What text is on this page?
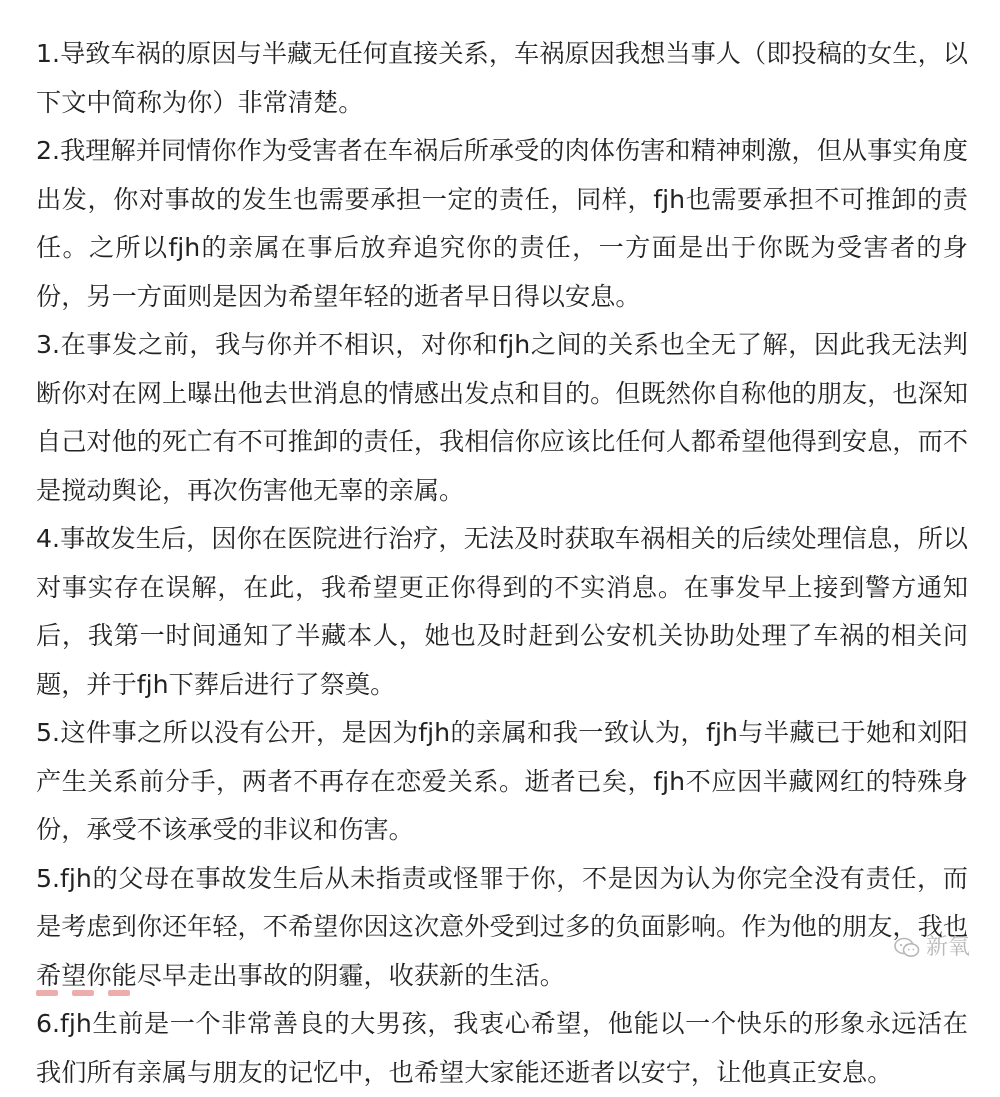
1.导致车祸的原因与半藏无任何直接关系，车祸原因我想当事人（即投稿的女生，以下文中简称为你）非常清楚。

2.我理解并同情你作为受害者在车祸后所承受的肉体伤害和精神刺激，但从事实角度出发，你对事故的发生也需要承担一定的责任，同样，fjh也需要承担不可推卸的责任。之所以fjh的亲属在事后放弃追究你的责任，一方面是出于你既为受害者的身份，另一方面则是因为希望年轻的逝者早日得以安息。

3.在事发之前，我与你并不相识，对你和fjh之间的关系也全无了解，因此我无法判断你对在网上曝出他去世消息的情感出发点和目的。但既然你自称他的朋友，也深知自己对他的死亡有不可推卸的责任，我相信你应该比任何人都希望他得到安息，而不是搅动舆论，再次伤害他无辜的亲属。

4.事故发生后，因你在医院进行治疗，无法及时获取车祸相关的后续处理信息，所以对事实存在误解，在此，我希望更正你得到的不实消息。在事发早上接到警方通知后，我第一时间通知了半藏本人，她也及时赶到公安机关协助处理了车祸的相关问题，并于fjh下葬后进行了祭奠。

5.这件事之所以没有公开，是因为fjh的亲属和我一致认为，fjh与半藏已于她和刘阳产生关系前分手，两者不再存在恋爱关系。逝者已矣，fjh不应因半藏网红的特殊身份，承受不该承受的非议和伤害。

5.fjh的父母在事故发生后从未指责或怪罪于你，不是因为认为你完全没有责任，而是考虑到你还年轻，不希望你因这次意外受到过多的负面影响。作为他的朋友，我也希望你能尽早走出事故的阴霾，收获新的生活。

6.fjh生前是一个非常善良的大男孩，我衷心希望，他能以一个快乐的形象永远活在我们所有亲属与朋友的记忆中，也希望大家能还逝者以安宁，让他真正安息。

新氧
